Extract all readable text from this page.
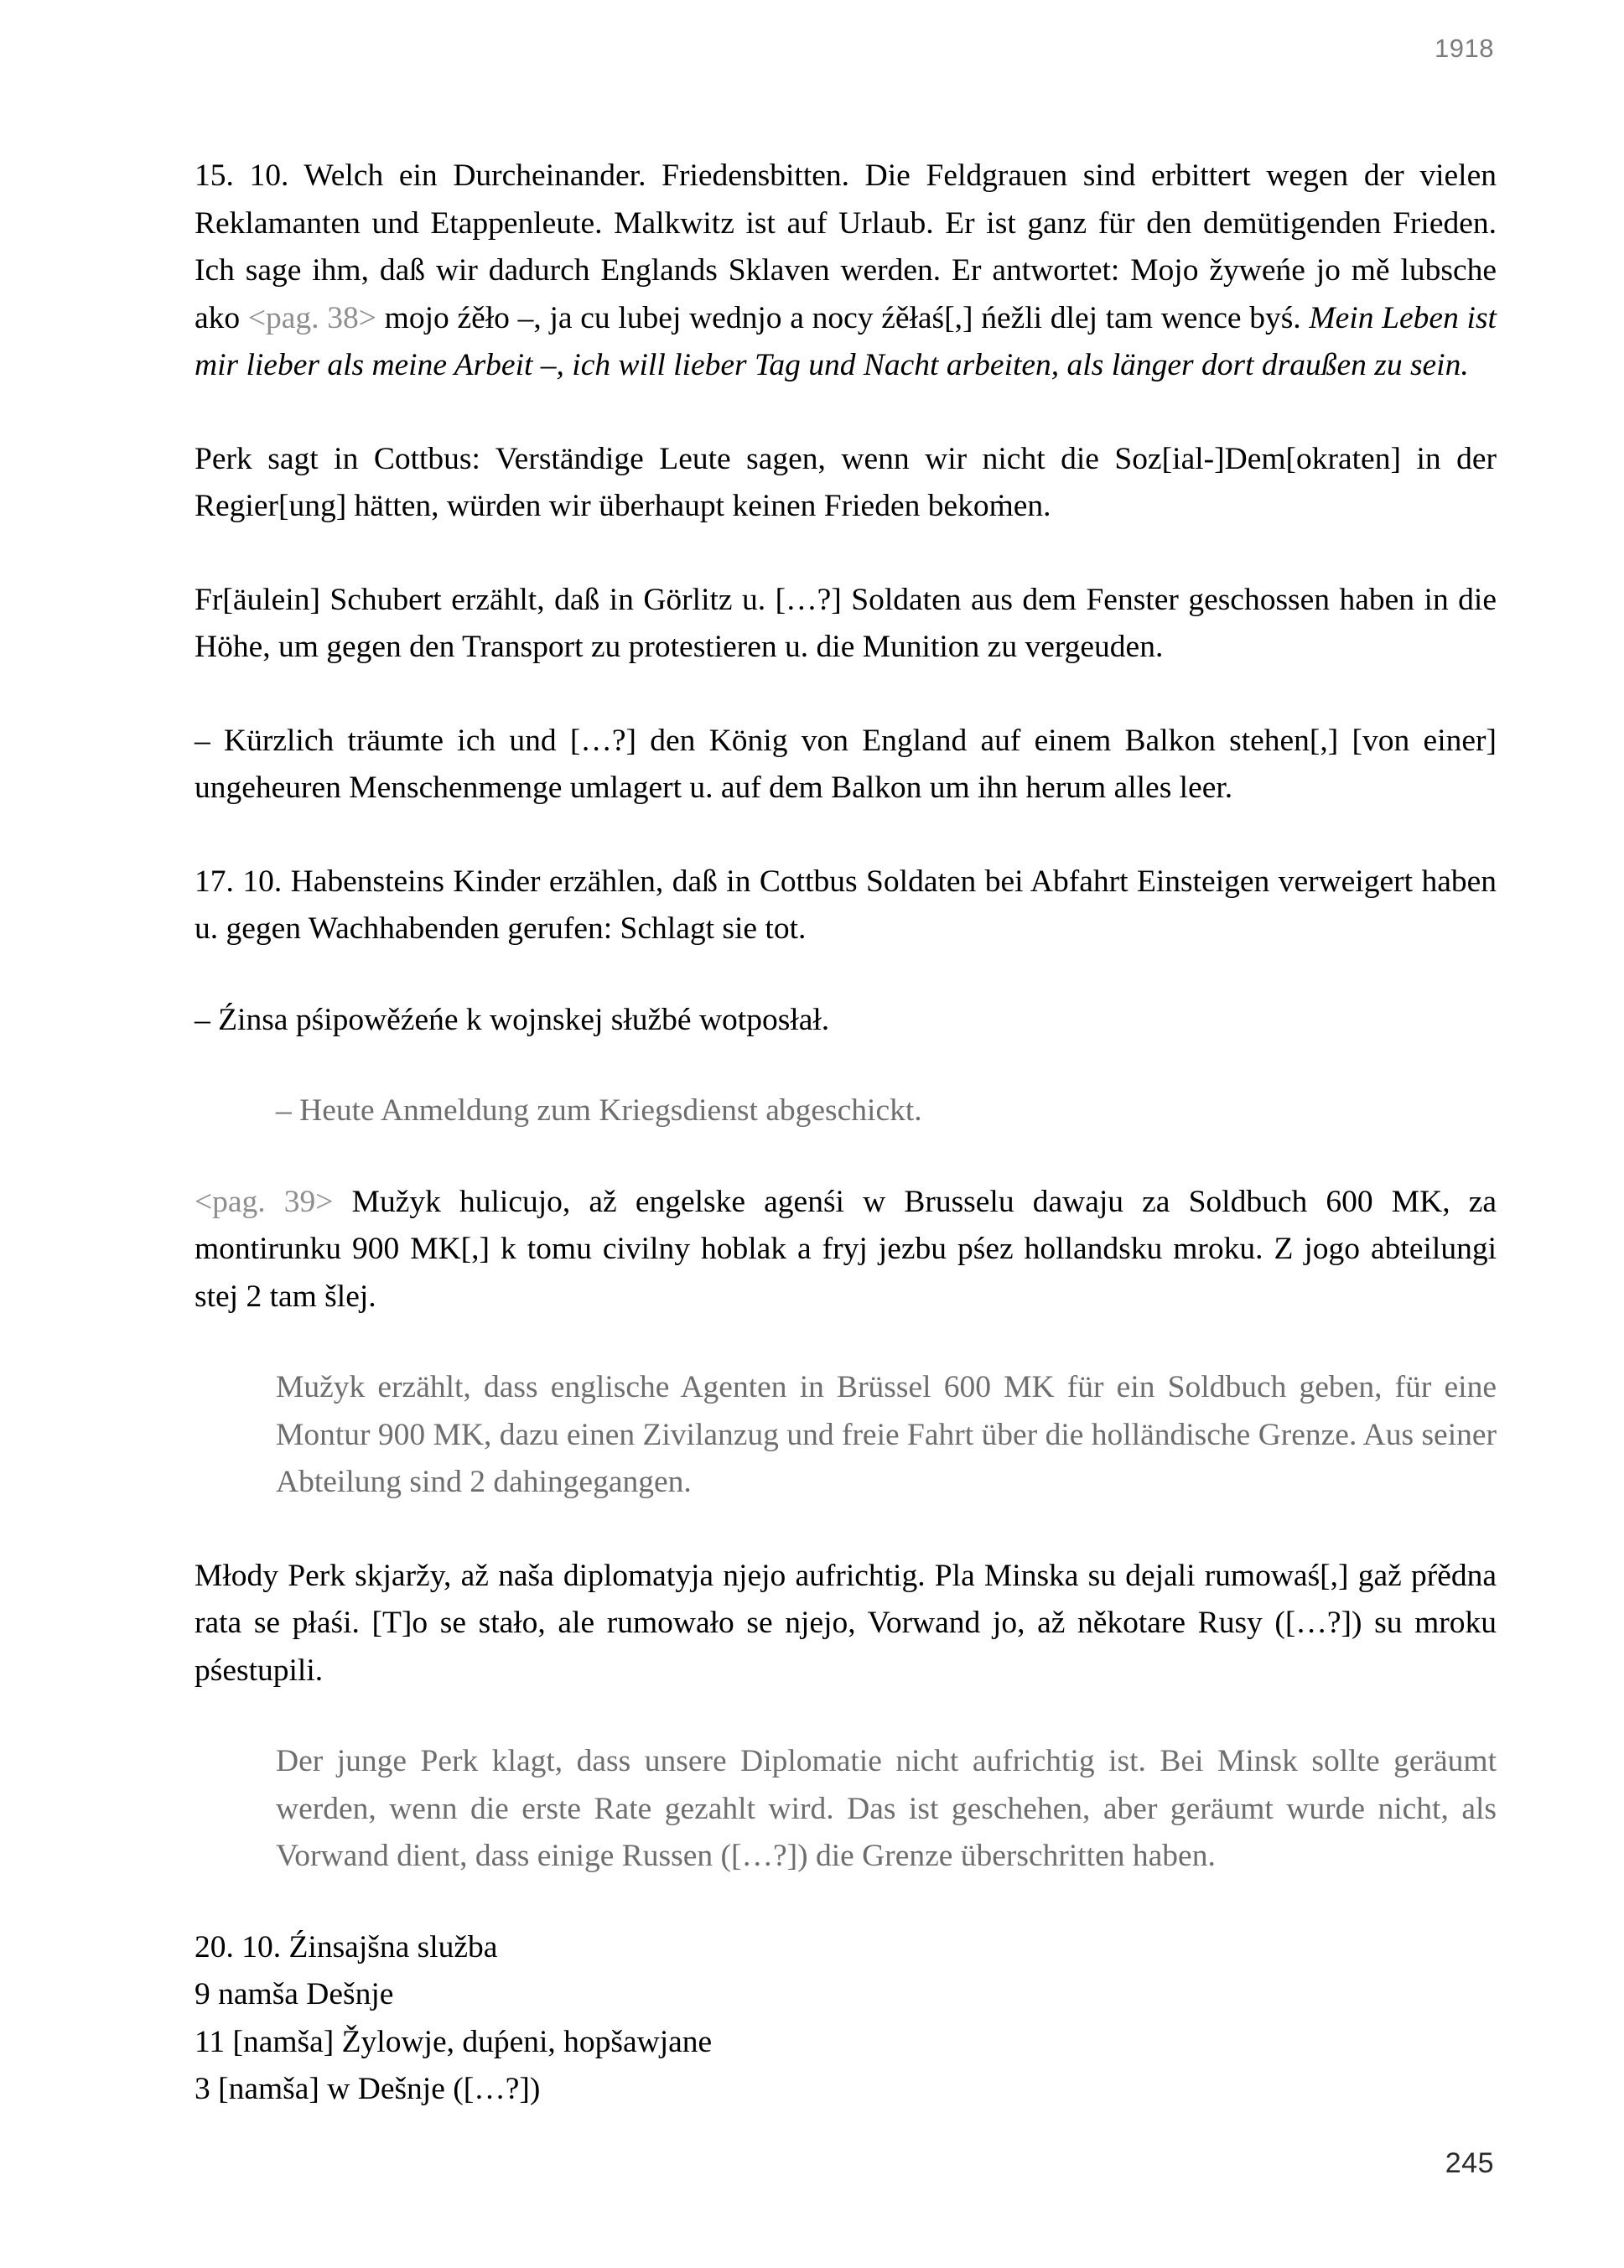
1918

15. 10. Welch ein Durcheinander. Friedensbitten. Die Feldgrauen sind erbittert wegen der vielen Reklamanten und Etappenleute. Malkwitz ist auf Urlaub. Er ist ganz für den demütigenden Frieden. Ich sage ihm, daß wir dadurch Englands Sklaven werden. Er antwortet: Mojo žyweńe jo mě lubsche ako <pag. 38> mojo źěło –, ja cu lubej wednjo a nocy źěłaś[,] ńežli dlej tam wence byś. Mein Leben ist mir lieber als meine Arbeit –, ich will lieber Tag und Nacht arbeiten, als länger dort draußen zu sein.

Perk sagt in Cottbus: Verständige Leute sagen, wenn wir nicht die Soz[ial-]Dem[okraten] in der Regier[ung] hätten, würden wir überhaupt keinen Frieden bekoṁen.

Fr[äulein] Schubert erzählt, daß in Görlitz u. […?] Soldaten aus dem Fenster geschossen haben in die Höhe, um gegen den Transport zu protestieren u. die Munition zu vergeuden.

– Kürzlich träumte ich und […?] den König von England auf einem Balkon stehen[,] [von einer] ungeheuren Menschenmenge umlagert u. auf dem Balkon um ihn herum alles leer.

17. 10. Habensteins Kinder erzählen, daß in Cottbus Soldaten bei Abfahrt Einsteigen verweigert haben u. gegen Wachhabenden gerufen: Schlagt sie tot.

– Źinsa pśipowěźeńe k wojnskej słužbé wotposłał.

– Heute Anmeldung zum Kriegsdienst abgeschickt.

<pag. 39> Mužyk hulicujo, až engelske agenśi w Brusselu dawaju za Soldbuch 600 MK, za montirunku 900 MK[,] k tomu civilny hoblak a fryj jezbu pśez hollandsku mroku. Z jogo abteilungi stej 2 tam šlej.

Mužyk erzählt, dass englische Agenten in Brüssel 600 MK für ein Soldbuch geben, für eine Montur 900 MK, dazu einen Zivilanzug und freie Fahrt über die holländische Grenze. Aus seiner Abteilung sind 2 dahingegangen.

Młody Perk skjaržy, až naša diplomatyja njejo aufrichtig. Pla Minska su dejali rumowaś[,] gaž pŕědna rata se płaśi. [T]o se stało, ale rumowało se njejo, Vorwand jo, až někotare Rusy ([…?]) su mroku pśestupili.

Der junge Perk klagt, dass unsere Diplomatie nicht aufrichtig ist. Bei Minsk sollte geräumt werden, wenn die erste Rate gezahlt wird. Das ist geschehen, aber geräumt wurde nicht, als Vorwand dient, dass einige Russen ([…?]) die Grenze überschritten haben.

20. 10. Źinsajšna služba
9 namša Dešnje
11 [namša] Žylowje, duṕeni, hopšawjane
3 [namša] w Dešnje ([…?])
245
